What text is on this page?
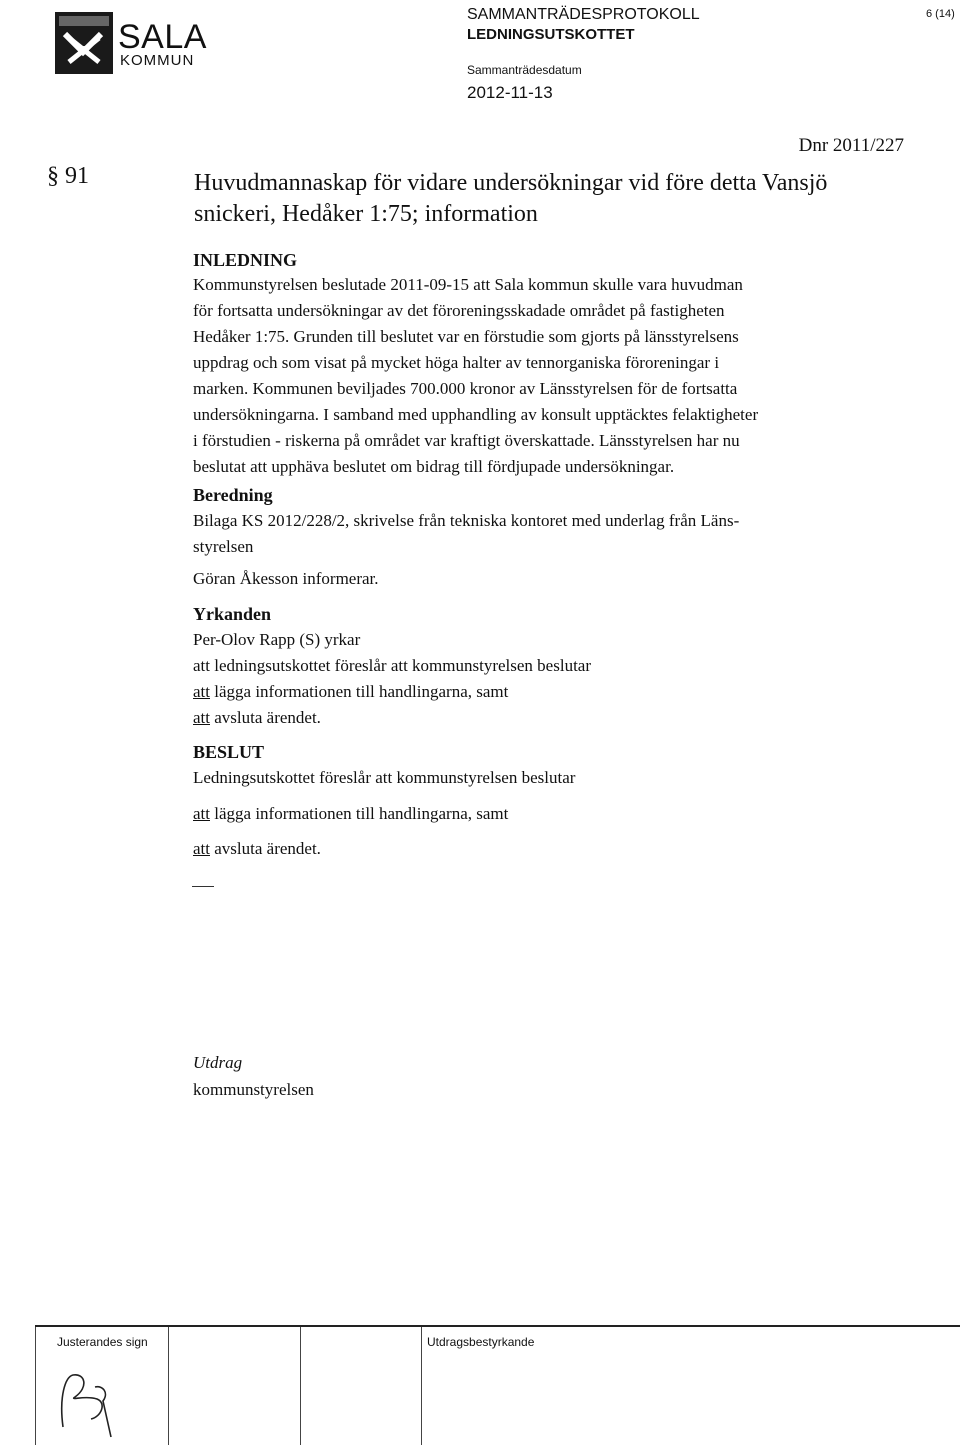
SALA
KOMMUN
SAMMANTRÄDESPROTOKOLL
LEDNINGSUTSKOTTET
Sammanträdesdatum
2012-11-13
6 (14)
Dnr 2011/227
§ 91	Huvudmannaskap för vidare undersökningar vid före detta Vansjö snickeri, Hedåker 1:75; information
INLEDNING
Kommunstyrelsen beslutade 2011-09-15 att Sala kommun skulle vara huvudman
för fortsatta undersökningar av det föroreningsskadade området på fastigheten
Hedåker 1:75. Grunden till beslutet var en förstudie som gjorts på länsstyrelsens
uppdrag och som visat på mycket höga halter av tennorganiska föroreningar i
marken. Kommunen beviljades 700.000 kronor av Länsstyrelsen för de fortsatta
undersökningarna. I samband med upphandling av konsult upptäcktes felaktigheter
i förstudien - riskerna på området var kraftigt överskattade. Länsstyrelsen har nu
beslutat att upphäva beslutet om bidrag till fördjupade undersökningar.
Beredning
Bilaga KS 2012/228/2, skrivelse från tekniska kontoret med underlag från Läns-
styrelsen
Göran Åkesson informerar.
Yrkanden
Per-Olov Rapp (S) yrkar
att ledningsutskottet föreslår att kommunstyrelsen beslutar
att lägga informationen till handlingarna, samt
att avsluta ärendet.
BESLUT
Ledningsutskottet föreslår att kommunstyrelsen beslutar
att lägga informationen till handlingarna, samt
att avsluta ärendet.
Utdrag
kommunstyrelsen
Justerandes sign	Utdragsbestyrkande
